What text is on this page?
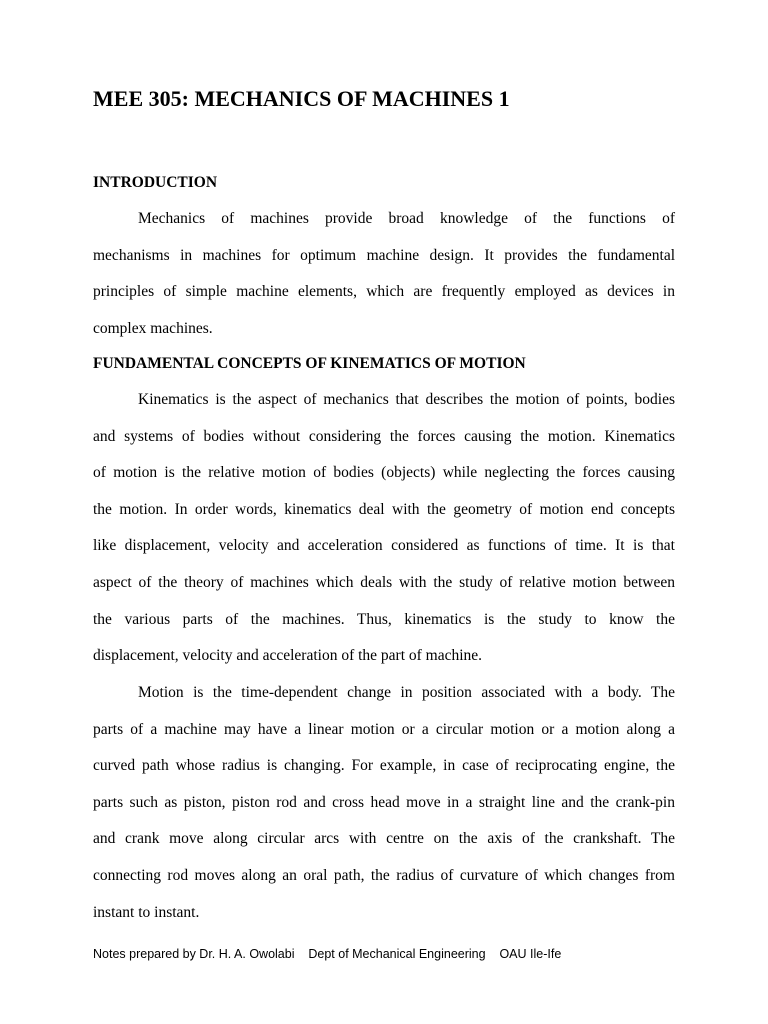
MEE 305: MECHANICS OF MACHINES 1
INTRODUCTION

Mechanics of machines provide broad knowledge of the functions of
mechanisms in machines for optimum machine design. It provides the fundamental
principles of simple machine elements, which are frequently employed as devices in
complex machines.

FUNDAMENTAL CONCEPTS OF KINEMATICS OF MOTION

Kinematics is the aspect of mechanics that describes the motion of points, bodies
and systems of bodies without considering the forces causing the motion. Kinematics
of motion is the relative motion of bodies (objects) while neglecting the forces causing
the motion. In order words, kinematics deal with the geometry of motion end concepts
like displacement, velocity and acceleration considered as functions of time. It is that
aspect of the theory of machines which deals with the study of relative motion between
the various parts of the machines. Thus, kinematics is the study to know the
displacement, velocity and acceleration of the part of machine.

Motion is the time-dependent change in position associated with a body. The
parts of a machine may have a linear motion or a circular motion or a motion along a
curved path whose radius is changing. For example, in case of reciprocating engine, the
parts such as piston, piston rod and cross head move in a straight line and the crank-pin
and crank move along circular arcs with centre on the axis of the crankshaft. The
connecting rod moves along an oral path, the radius of curvature of which changes from
instant to instant.

Notes prepared by Dr. H. A. Owolabi    Dept of Mechanical Engineering    OAU Ile-Ife
